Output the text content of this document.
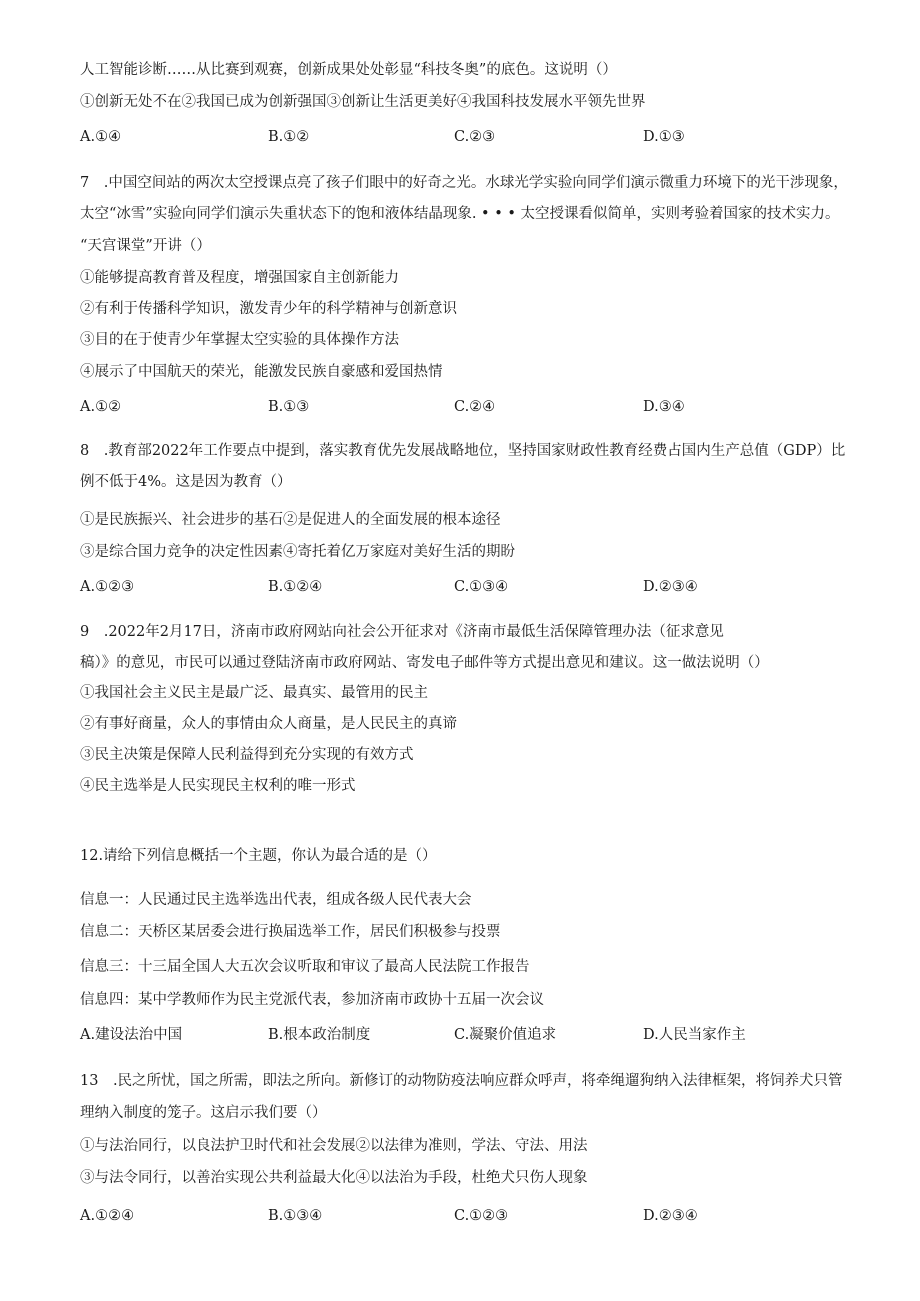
人工智能诊断……从比赛到观赛，创新成果处处彰显“科技冬奥”的底色。这说明（）
①创新无处不在②我国已成为创新强国③创新让生活更美好④我国科技发展水平领先世界
A.①④	B.①②	C.②③	D.①③
7　.中国空间站的两次太空授课点亮了孩子们眼中的好奇之光。水球光学实验向同学们演示微重力环境下的光干涉现象，
太空“冰雪”实验向同学们演示失重状态下的饱和液体结晶现象. • • • 太空授课看似简单，实则考验着国家的技术实力。
“天宫课堂”开讲（）
①能够提高教育普及程度，增强国家自主创新能力
②有利于传播科学知识，激发青少年的科学精神与创新意识
③目的在于使青少年掌握太空实验的具体操作方法
④展示了中国航天的荣光，能激发民族自豪感和爱国热情
A.①②	B.①③	C.②④	D.③④
8　.教育部2022年工作要点中提到，落实教育优先发展战略地位，坚持国家财政性教育经费占国内生产总值（GDP）比
例不低于4%。这是因为教育（）
①是民族振兴、社会进步的基石②是促进人的全面发展的根本途径
③是综合国力竞争的决定性因素④寄托着亿万家庭对美好生活的期盼
A.①②③	B.①②④	C.①③④	D.②③④
9　.2022年2月17日，济南市政府网站向社会公开征求对《济南市最低生活保障管理办法（征求意见
稿）》的意见，市民可以通过登陆济南市政府网站、寄发电子邮件等方式提出意见和建议。这一做法说明（）
①我国社会主义民主是最广泛、最真实、最管用的民主
②有事好商量，众人的事情由众人商量，是人民民主的真谛
③民主决策是保障人民利益得到充分实现的有效方式
④民主选举是人民实现民主权利的唯一形式
12.请给下列信息概括一个主题，你认为最合适的是（）
信息一：人民通过民主选举选出代表，组成各级人民代表大会
信息二：天桥区某居委会进行换届选举工作，居民们积极参与投票
信息三：十三届全国人大五次会议听取和审议了最高人民法院工作报告
信息四：某中学教师作为民主党派代表，参加济南市政协十五届一次会议
A.建设法治中国	B.根本政治制度	C.凝聚价值追求	D.人民当家作主
13　.民之所忧，国之所需，即法之所向。新修订的动物防疫法响应群众呼声，将牵绳遛狗纳入法律框架，将饲养犬只管
理纳入制度的笼子。这启示我们要（）
①与法治同行，以良法护卫时代和社会发展②以法律为准则，学法、守法、用法
③与法令同行，以善治实现公共利益最大化④以法治为手段，杜绝犬只伤人现象
A.①②④	B.①③④	C.①②③	D.②③④
